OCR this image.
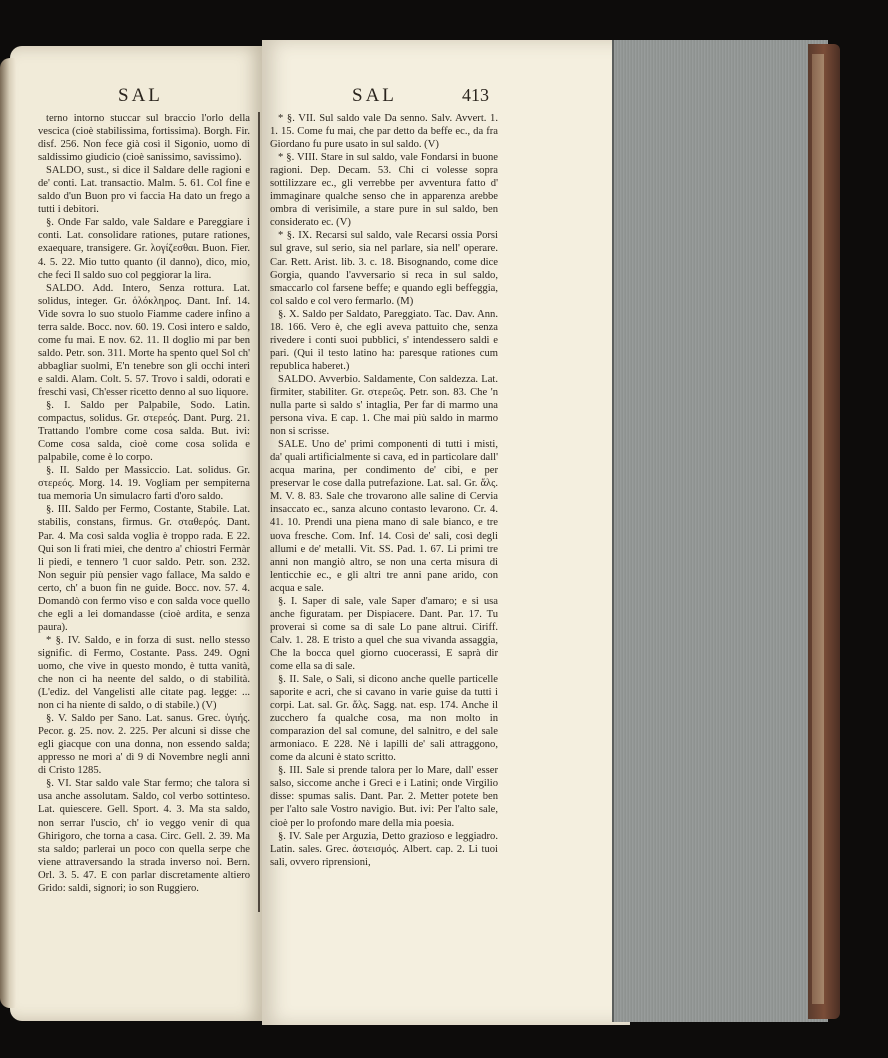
SAL	SAL	413

terno intorno stuccar sul braccio l'orlo della vescica (cioè stabilissima, fortissima). Borgh. Fir. disf. 256. Non fece già così il Sigonio, uomo di saldissimo giudicio (cioè sanissimo, savissimo).

SALDO, sust., si dice il Saldare delle ragioni e de' conti. Lat. transactio. Malm. 5. 61. Col fine e saldo d'un Buon pro vi faccia Ha dato un frego a tutti i debitori.

§. Onde Far saldo, vale Saldare e Pareggiare i conti. Lat. consolidare rationes, putare rationes, exaequare, transigere. Gr. λογίζεσθαι. Buon. Fier. 4. 5. 22. Mio tutto quanto (il danno), dico, mio, che feci Il saldo suo col peggiorar la lira.

SALDO. Add. Intero, Senza rottura. Lat. solidus, integer. Gr. ὁλόκληρος. Dant. Inf. 14. Vide sovra lo suo stuolo Fiamme cadere infino a terra salde. Bocc. nov. 60. 19. Così intero e saldo, come fu mai. E nov. 62. 11. Il doglio mi par ben saldo. Petr. son. 311. Morte ha spento quel Sol ch' abbagliar suolmi, E'n tenebre son gli occhi interi e saldi. Alam. Colt. 5. 57. Trovo i saldi, odorati e freschi vasi, Ch'esser ricetto denno al suo liquore.

§. I. Saldo per Palpabile, Sodo. Latin. compactus, solidus. Gr. στερεός. Dant. Purg. 21. Trattando l'ombre come cosa salda. But. ivi: Come cosa salda, cioè come cosa solida e palpabile, come è lo corpo.

§. II. Saldo per Massiccio. Lat. solidus. Gr. στερεός. Morg. 14. 19. Vogliam per sempiterna tua memoria Un simulacro farti d'oro saldo.

§. III. Saldo per Fermo, Costante, Stabile. Lat. stabilis, constans, firmus. Gr. σταθερός. Dant. Par. 4. Ma così salda voglia è troppo rada. E 22. Qui son li frati miei, che dentro a' chiostri Fermàr li piedi, e tennero 'l cuor saldo. Petr. son. 232. Non seguir più pensier vago fallace, Ma saldo e certo, ch' a buon fin ne guide. Bocc. nov. 57. 4. Domandò con fermo viso e con salda voce quello che egli a lei domandasse (cioè ardita, e senza paura).

* §. IV. Saldo, e in forza di sust. nello stesso signific. di Fermo, Costante. Pass. 249. Ogni uomo, che vive in questo mondo, è tutta vanità, che non ci ha neente del saldo, o di stabilità. (L'ediz. del Vangelisti alle citate pag. legge: ... non ci ha niente di saldo, o di stabile.) (V)

§. V. Saldo per Sano. Lat. sanus. Grec. ὑγιής. Pecor. g. 25. nov. 2. 225. Per alcuni si disse che egli giacque con una donna, non essendo salda; appresso ne morì a' dì 9 di Novembre negli anni di Cristo 1285.

§. VI. Star saldo vale Star fermo; che talora si usa anche assolutam. Saldo, col verbo sottinteso. Lat. quiescere. Gell. Sport. 4. 3. Ma sta saldo, non serrar l'uscio, ch' io veggo venir di qua Ghirigoro, che torna a casa. Circ. Gell. 2. 39. Ma sta saldo; parlerai un poco con quella serpe che viene attraversando la strada inverso noi. Bern. Orl. 3. 5. 47. E con parlar discretamente altiero Grido: saldi, signori; io son Ruggiero.

* §. VII. Sul saldo vale Da senno. Salv. Avvert. 1. 1. 15. Come fu mai, che par detto da beffe ec., da fra Giordano fu pure usato in sul saldo. (V)

* §. VIII. Stare in sul saldo, vale Fondarsi in buone ragioni. Dep. Decam. 53. Chi ci volesse sopra sottilizzare ec., gli verrebbe per avventura fatto d' immaginare qualche senso che in apparenza arebbe ombra di verisimile, a stare pure in sul saldo, ben considerato ec. (V)

* §. IX. Recarsi sul saldo, vale Recarsi ossia Porsi sul grave, sul serio, sia nel parlare, sia nell' operare. Car. Rett. Arist. lib. 3. c. 18. Bisognando, come dice Gorgia, quando l'avversario si reca in sul saldo, smaccarlo col farsene beffe; e quando egli beffeggia, col saldo e col vero fermarlo. (M)

§. X. Saldo per Saldato, Pareggiato. Tac. Dav. Ann. 18. 166. Vero è, che egli aveva pattuito che, senza rivedere i conti suoi pubblici, s' intendessero saldi e pari. (Qui il testo latino ha: paresque rationes cum republica haberet.)

SALDO. Avverbio. Saldamente, Con saldezza. Lat. firmiter, stabiliter. Gr. στερεῶς. Petr. son. 83. Che 'n nulla parte sì saldo s' intaglia, Per far di marmo una persona viva. E cap. 1. Che mai più saldo in marmo non si scrisse.

SALE. Uno de' primi componenti di tutti i misti, da' quali artificialmente si cava, ed in particolare dall' acqua marina, per condimento de' cibi, e per preservar le cose dalla putrefazione. Lat. sal. Gr. ἅλς. M. V. 8. 83. Sale che trovarono alle saline di Cervia insaccato ec., sanza alcuno contasto levarono. Cr. 4. 41. 10. Prendi una piena mano di sale bianco, e tre uova fresche. Com. Inf. 14. Così de' sali, così degli allumi e de' metalli. Vit. SS. Pad. 1. 67. Li primi tre anni non mangiò altro, se non una certa misura di lenticchie ec., e gli altri tre anni pane arido, con acqua e sale.

§. I. Saper di sale, vale Saper d'amaro; e si usa anche figuratam. per Dispiacere. Dant. Par. 17. Tu proverai sì come sa di sale Lo pane altrui. Ciriff. Calv. 1. 28. E tristo a quel che sua vivanda assaggia, Che la bocca quel giorno cuocerassi, E saprà dir come ella sa di sale.

§. II. Sale, o Sali, si dicono anche quelle particelle saporite e acri, che si cavano in varie guise da tutti i corpi. Lat. sal. Gr. ἅλς. Sagg. nat. esp. 174. Anche il zucchero fa qualche cosa, ma non molto in comparazion del sal comune, del salnitro, e del sale armoniaco. E 228. Nè i lapilli de' sali attraggono, come da alcuni è stato scritto.

§. III. Sale si prende talora per lo Mare, dall' esser salso, siccome anche i Greci e i Latini; onde Virgilio disse: spumas salis. Dant. Par. 2. Metter potete ben per l'alto sale Vostro navigio. But. ivi: Per l'alto sale, cioè per lo profondo mare della mia poesia.

§. IV. Sale per Arguzia, Detto grazioso e leggiadro. Latin. sales. Grec. ἀστεισμός. Albert. cap. 2. Li tuoi sali, ovvero riprensioni,
